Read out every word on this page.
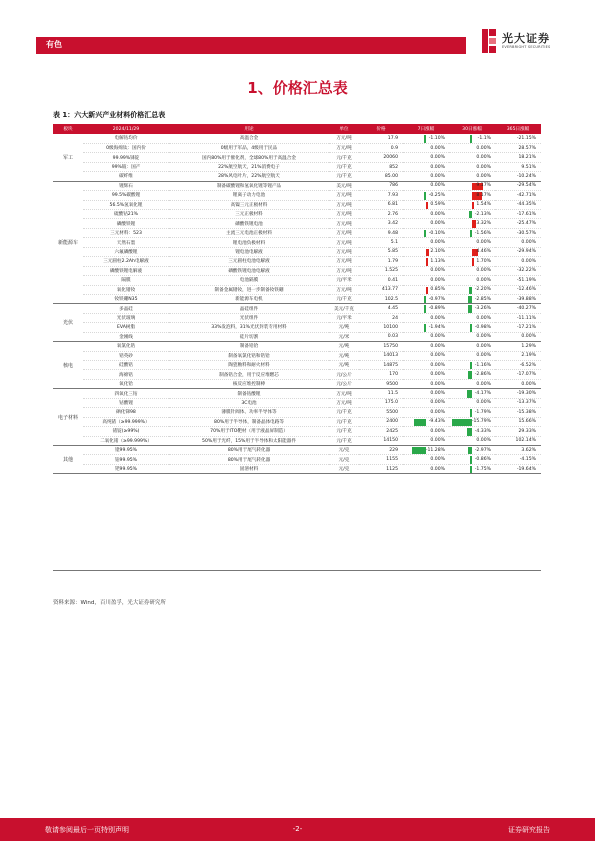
有色	光大证券
EVERBRIGHT SECURITIES
1、价格汇总表
表 1：六大新兴产业材料价格汇总表
板块	2024/11/29	用途	单位	价格	7日涨幅	30日涨幅	365日涨幅
军工	电解钴均价	高温合金	万元/吨	17.9	-1.10%	-1.1%	-21.15%
	0级海绵钛：国内价	0级用于军品，4级用于民品	万元/吨	0.9	0.00%	0.00%	28.57%
	99.99%铼锭	国内80%用于催化剂，全球80%用于高温合金	元/千克	20060	0.00%	0.00%	18.21%
	99%铍：国产	22%航空航天，21%消费电子	元/千克	852	0.00%	0.00%	9.51%
	碳纤维	28%风电叶片，22%航空航天	元/千克	85.00	0.00%	0.00%	-10.24%
新能源车	锂辉石	制备碳酸锂和氢氧化锂等锂产品	美元/吨	786	0.00%	9.17%	-29.54%
	99.5%碳酸锂	锂离子动力电池	万元/吨	7.93	-0.25%	8.17%	-42.71%
	56.5%氢氧化锂	高镍三元正极材料	万元/吨	6.81	0.59%	1.54%	-44.35%
	硫酸钴21%	三元正极材料	万元/吨	2.76	0.00%	-2.13%	-17.61%
	磷酸铁锂	磷酸铁锂电池	万元/吨	3.42	0.00%	3.32%	-25.47%
	三元材料：523	主流三元电池正极材料	万元/吨	9.48	-0.10%	-1.56%	-30.57%
	天然石墨	锂电池负极材料	万元/吨	5.1	0.00%	0.00%	0.00%
	六氟磷酸锂	锂电池电解液	万元/吨	5.85	2.10%	4.46%	-29.94%
	三元圆柱2.2Ah电解液	三元圆柱电池电解液	万元/吨	1.79	1.13%	1.70%	0.00%
	磷酸铁锂电解液	磷酸铁锂电池电解液	万元/吨	1.525	0.00%	0.00%	-32.22%
	隔膜	电池隔膜	元/平米	0.41	0.00%	0.00%	-51.19%
	氧化镨钕	制备金属镨钕，进一步制备钕铁硼	万元/吨	413.77	0.85%	-2.20%	-12.46%
	钕铁硼N35	新能源车电机	元/千克	102.5	-0.97%	-2.85%	-39.88%
光伏	多晶硅	晶硅组件	美元/千克	4.45	-0.89%	-3.26%	-40.27%
	光伏玻璃	光伏组件	元/平米	24	0.00%	0.00%	-11.11%
	EVA树脂	33%发泡料，31%光伏封装专用材料	元/吨	10100	-1.94%	-0.98%	-17.21%
	金刚线	硅片切割	元/米	0.03	0.00%	0.00%	0.00%
核电	氧氯化锆	制备锆铪	元/吨	15750	0.00%	0.00%	1.29%
	锆英砂	制备氧氯化锆和锆铪	元/吨	14013	0.00%	0.00%	2.19%
	硅酸锆	陶瓷釉料和耐火材料	元/吨	14875	0.00%	-1.16%	-6.52%
	海绵锆	制备锆合金，用于反应堆燃芯	元/公斤	170	0.00%	-2.86%	-17.07%
	氧化铪	核反应堆控制棒	元/公斤	9500	0.00%	0.00%	0.00%
电子材料	四氧化三钴	制备钴酸锂	万元/吨	11.5	0.00%	-4.17%	-19.30%
	钴酸锂	3C电池	万元/吨	175.0	0.00%	0.00%	-13.37%
	硒化锑98	薄膜针阀体、功率半导体等	元/千克	5500	0.00%	-1.79%	-15.38%
	高纯锗（≥99.999%）	80%用于半导体，制备晶体电路等	元/千克	2400	-9.43%	-15.79%	15.66%
	锗锭(≥99%)	70%用于ITO靶材（用于液晶屏制造）	元/千克	2425	0.00%	-4.33%	29.33%
	二氧化锗（≥99.999%）	50%用于光纤，15%用于半导体和太阳能器件	元/千克	14150	0.00%	0.00%	102.14%
其他	铑99.95%	80%用于尾气转化器	元/克	229	-11.28%	-2.97%	3.62%
	铂99.95%	80%用于尾气转化器	元/克	1155	0.00%	-0.86%	-4.15%
	钯99.95%	固溶材料	元/克	1125	0.00%	-1.75%	-19.64%
资料来源：Wind，百川盈孚，光大证券研究所
敬请参阅最后一页特别声明	-2-	证券研究报告
